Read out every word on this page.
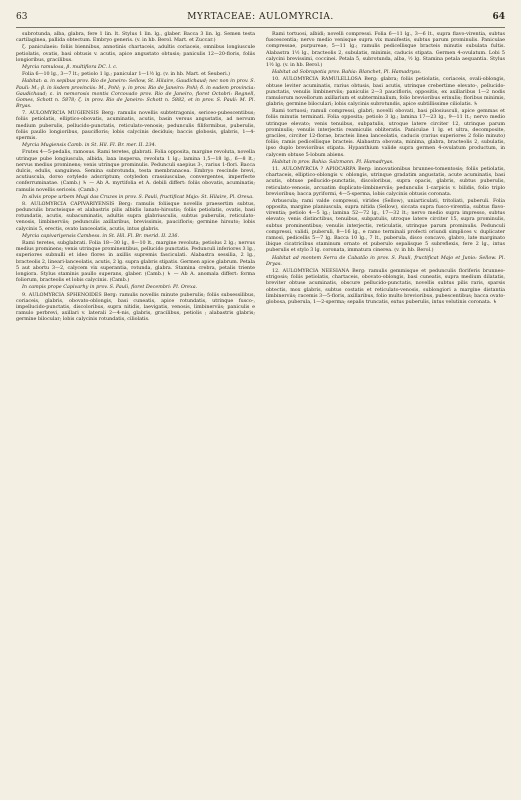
63	MYRTACEAE: AULOMYRCIA.	64

subrotunda, alba, glabra, fere 1 lin. lt. Stylus 1 lin. lg., glaber. Bacca 3 lin. lg. Semen testa cartilaginea, pallida obtectum. Embryo generis. (v. in hb. Berol. Mart. et Zuccar.)

ζ. paniculaeis: foliis biennibus, annotinis chartaceis, adultis coriaceis, omnibus longiuscule petiolatis, ovatis, basi obtusis v. acutis, apice angustato obtusis; paniculis 12—20-floris, foliis longioribus, gracilibus.

Myrcia ramulosa, β. multiflora DC. l. c.

Folia 6—10 lg., 3—7 lt.; petiolo 1 lg.; panicular 1—1½ lg. (v. in hb. Mart. et Seuberi.)

Habitat: α. in sepibus prov. Rio de Janeiro: Sellow, St. Hilaire, Gaudichaud; nec non in prov. S. Pauli: M.; β. in iisdem provinciis: M., Pohl; γ. in prov. Rio de Janeiro: Pohl; δ. in eadem provincia: Gaudichaud; ε. in nemorosis montis Corcovado prov. Rio de Janeiro, floret Octobri: Regnell, Gomes, Schott n. 5878; ζ. in prov. Rio de Janeiro: Schott n. 5882, et in prov. S. Pauli: M. Pl. Bryas.

7. AULOMYRCIA MUGIENSIS Berg: ramulis novellis subtetragonis, sericeo-pubescentibus; foliis petiolatis, elliptico-obovatis, acuminatis, acutis, basin versus angustatis, ad nervum medium puberulis, pellucido-punctatis, reticulato-venosis; pedunculis filiformibus, puberulis, foliis paullo longioribus, paucifloris; lobis calycinis deciduis; baccis globosis, glabris, 1—4-spermis.

Myrcia Mugiensis Camb. in St. Hil. Fl. Br. mer. II. 234.

Frutex 4—5-pedalis, ramosus. Rami teretes, glabrati. Folia opposita, margine revoluta, novella utrinque pube longiuscula, albida, laxa inspersa, revoluta 1 lg.; lamina 1,5—18 lg., 6—8 lt.; nervus medius prominens; venis utrinque prominulis. Pedunculi saepius 3-, rarius 1-flori. Bacca dulcis, edulis, sanguinea. Semina subrotunda, testa membranacea. Embryo rescinde brevi, acutiuscula, dorso cotyledo adscriptum; cotyledon crassiusculae, convergentes, imperfecte conferruminatae. (Camb.) ♄ — Ab A. myrtifolia et A. debili differt: foliis obovatis, acuminatis; ramulis novellis sericeis. (Camb.)

In silvis prope urbem Mugi das Cruzes in prov. S. Pauli, fructificat Majo: St. Hilaire, Pl. Orexa.

8. AULOMYRCIA CAPIVARIYENSIS Berg: ramulis foliisque novellis praesertim subtus, pedunculis bracteisque et alabastris pilis albidis lanato-hirsutis; foliis petiolatis, ovatis, basi rotundatis, acutis, subacuminatis, adultis supra glabriusculis, subtus puberulis, reticulato-venosis, limbinerviis; pedunculis axillaribus, brevissimis, paucifloris; germine hirsuto; lobis calycinis 5, erectis, ovato lanceolatis, acutis, intus glabris.

Myrcia capivariyensis Cambess. in St. Hil. Fl. Br. merid. II. 236.

Rami teretes, subglabrati. Folia 18—30 lg., 8—10 lt., margine revoluta; petiolus 2 lg.; nervus medius prominens; venis utrinque prominentibus, pellucido punctatis. Pedunculi inferiores 3 lg., superiores subnulli et ideo flores in axillis supremis fasciculati. Alabastra sessilia, 2 lg., bracteolis 2, lineari-lanceolatis, acutis, 2 lg. supra glabris stipatis. Germen apice glabrum. Petala 5 aut abortu 3—2, calycem vix superantia, rotunda, glabra. Stamina crebra, petalis triente longiora. Stylus staminis paullo superans, glaber. (Camb.) ♄ — Ab A. anomala differt: forma foliorum, bracteolis et lobis calycinis. (Camb.)

In campis prope Capivarhy in prov. S. Pauli, floret Decembri: Pl. Orexa.

9. AULOMYRCIA SPHENOIDES Berg: ramulis novellis minute puberulis; foliis subsessilibus, coriaceis, glabris, obovato-oblongis, basi cuneatis, apice rotundatis, utrinque fusco-, impellucido-punctatis, discoloribus, supra nitidis, laevigatis, venosis, limbinerviis; paniculis e ramulo perbrevi, axillari v. laterali 2—4-nis, glabris, gracilibus, petiolis ; alabastris glabris; germine bilocular; lobis calycinis rotundatis, ciliolatis.

Rami tortuosi, albidi; novelli compressi. Folia 6—11 lg., 3—6 lt., supra flavo-virentia, subtus fuscescentia; nervo medio venisque supra vix manifestis, subtus parum prominulis. Paniculae compressae, purpureae, 5—11 lg.; ramulis pedicellisque bracteis minutis subulata fultis. Alabastra 1½ lg., bracteolis 2, subulatis, minimis, caducis stipata. Germen 4-ovulatum. Lobi 5 calycini brevissimi, coccinei. Petala 5, subrotunda, alba, ½ lg. Stamina petala aequantia. Stylus 1½ lg. (v. in hb. Berol.)

Habitat ad Sobrapotia prov. Bahia: Blanchet, Pl. Hamadryas.

10. AULOMYRCIA RAMULELLOSA Berg: glabra; foliis petiolatis, coriaceis, ovali-oblongis, obtuse leviter acuminatis, rarius obtusis, basi acutis, utrinque crebertime elevato-, pellucido-punctatis, venulis limbinerviis; paniculis 2—3 paucifloris, oppositis, ex axillaribus 1—2 nodis ramulorum novellorum axillarium et subterminalium, folio brevioribus erinulis; floribus minimis, glabris; germine biloculari; lobis calycinis subrotundis, apice subtillissime ciliolatis. ♄

Rami tortuosi; ramuli compressi, glabri; novelli obovati, basi pilosiusculi, apice gemmas et foliis minutis terminati. Folia opposita; petiolo 3 lg.; lamina 17—23 lg., 9—11 lt.; nervo medio utrinque elevato; venis tenuibus, subpatulis, utroque latere circiter 12, utrinque parum prominulis; venulis interjectis reamiculis obliteratis. Paniculae 1 lg. et ultra, decomposite, graciles, circiter 12-florae, bracteis linea lanceolatis, caducis (rarius superiores 2 folio minuto) foliis; ramis pedicellisque bracteis. Alabastra obovata, minima, glabra, bracteolis 2, subulatis, ipso duplo brevioribus stipata. Hypanthium valide supra germen 4-ovulatum productum, in calycem obtuse 5-lobum abiens.

Habitat in prov. Bahia: Salzmann. Pl. Hamadryas.

11. AULOMYRCIA ? APIOCARPA Berg: innovationibus brunneo-tomentosis; foliis petiolatis, chartaceis, elliptico-oblongis v. oblongis, utrinque gradatim angustatis, acute acuminatis, basi acutis, obtuse pellucido-punctatis, discoloribus, supra opacis, glabris, subtus puberulis, reticulato-venosis, arcuatim duplicato-limbinerviis; pedunculis 1-carpicis v. bilidis, folio triplo brevioribus; bacca pyriformi, 4—5-sperma, lobis calycinis obtusis coronata.

Arbuscula; rami valde compressi, virides (Sellow), uniarticulati, tritoliati, puberuli. Folia opposita, margine planiuscula, supra nitida (Sellow), siccata supra fusco-virentia, subtus flavo-virentia; petiolo 4—5 lg.; lamina 52—72 lg., 17—32 lt.; nervo medio supra impresso, subtus elevato; venis distinctibus, tenuibus, subpatulis, utroque latere circiter 15, supra prominulis, subtus prominentibus; venulis interjectis, reticulatis, utrinque parum prominulis. Pedunculi compressi, validi, puberuli, 8—16 lg., e ramo terminali profecti oriundi simplices v. duplicater ramosi, pedicellis 5—7 lg. Bacca 10 lg., 7 lt., puberula, disco concavo, glabro, late marginato ibique cicatricibus staminum ornato et puberulo sepalisque 5 subreflexis, fere 2 lg., intus puberulis et stylo 3 lg. coronata, immatura cinerea. (v. in hb. Berol.)

Habitat ad montem Serra de Cabatão in prov. S. Pauli, fructificat Majo et Junio: Sellow. Pl. Dryas.

12. AULOMYRCIA NEESIANA Berg: ramulis gemmisque et pedunculis floriferis brunneo-strigosis; foliis petiolatis, chartaceis, obovato-oblongis, basi cuneatis, supra medium dilatatis, breviter obtuse acuminatis, obscure pellucido-punctatis, novellis subtus pilis raris, sparsis obtectis, mox glabris, subtus costatis et reticulato-venosis, sublongiori a margine distantia limbinerviis; racemis 3—5-floris, axillaribus, folio multo brevioribus, pubescentibus; bacca ovato-globosa, puberula, 1—2-sperma; sepalis truncatis, extus puberulis, intus velutinis coronata. ♄
